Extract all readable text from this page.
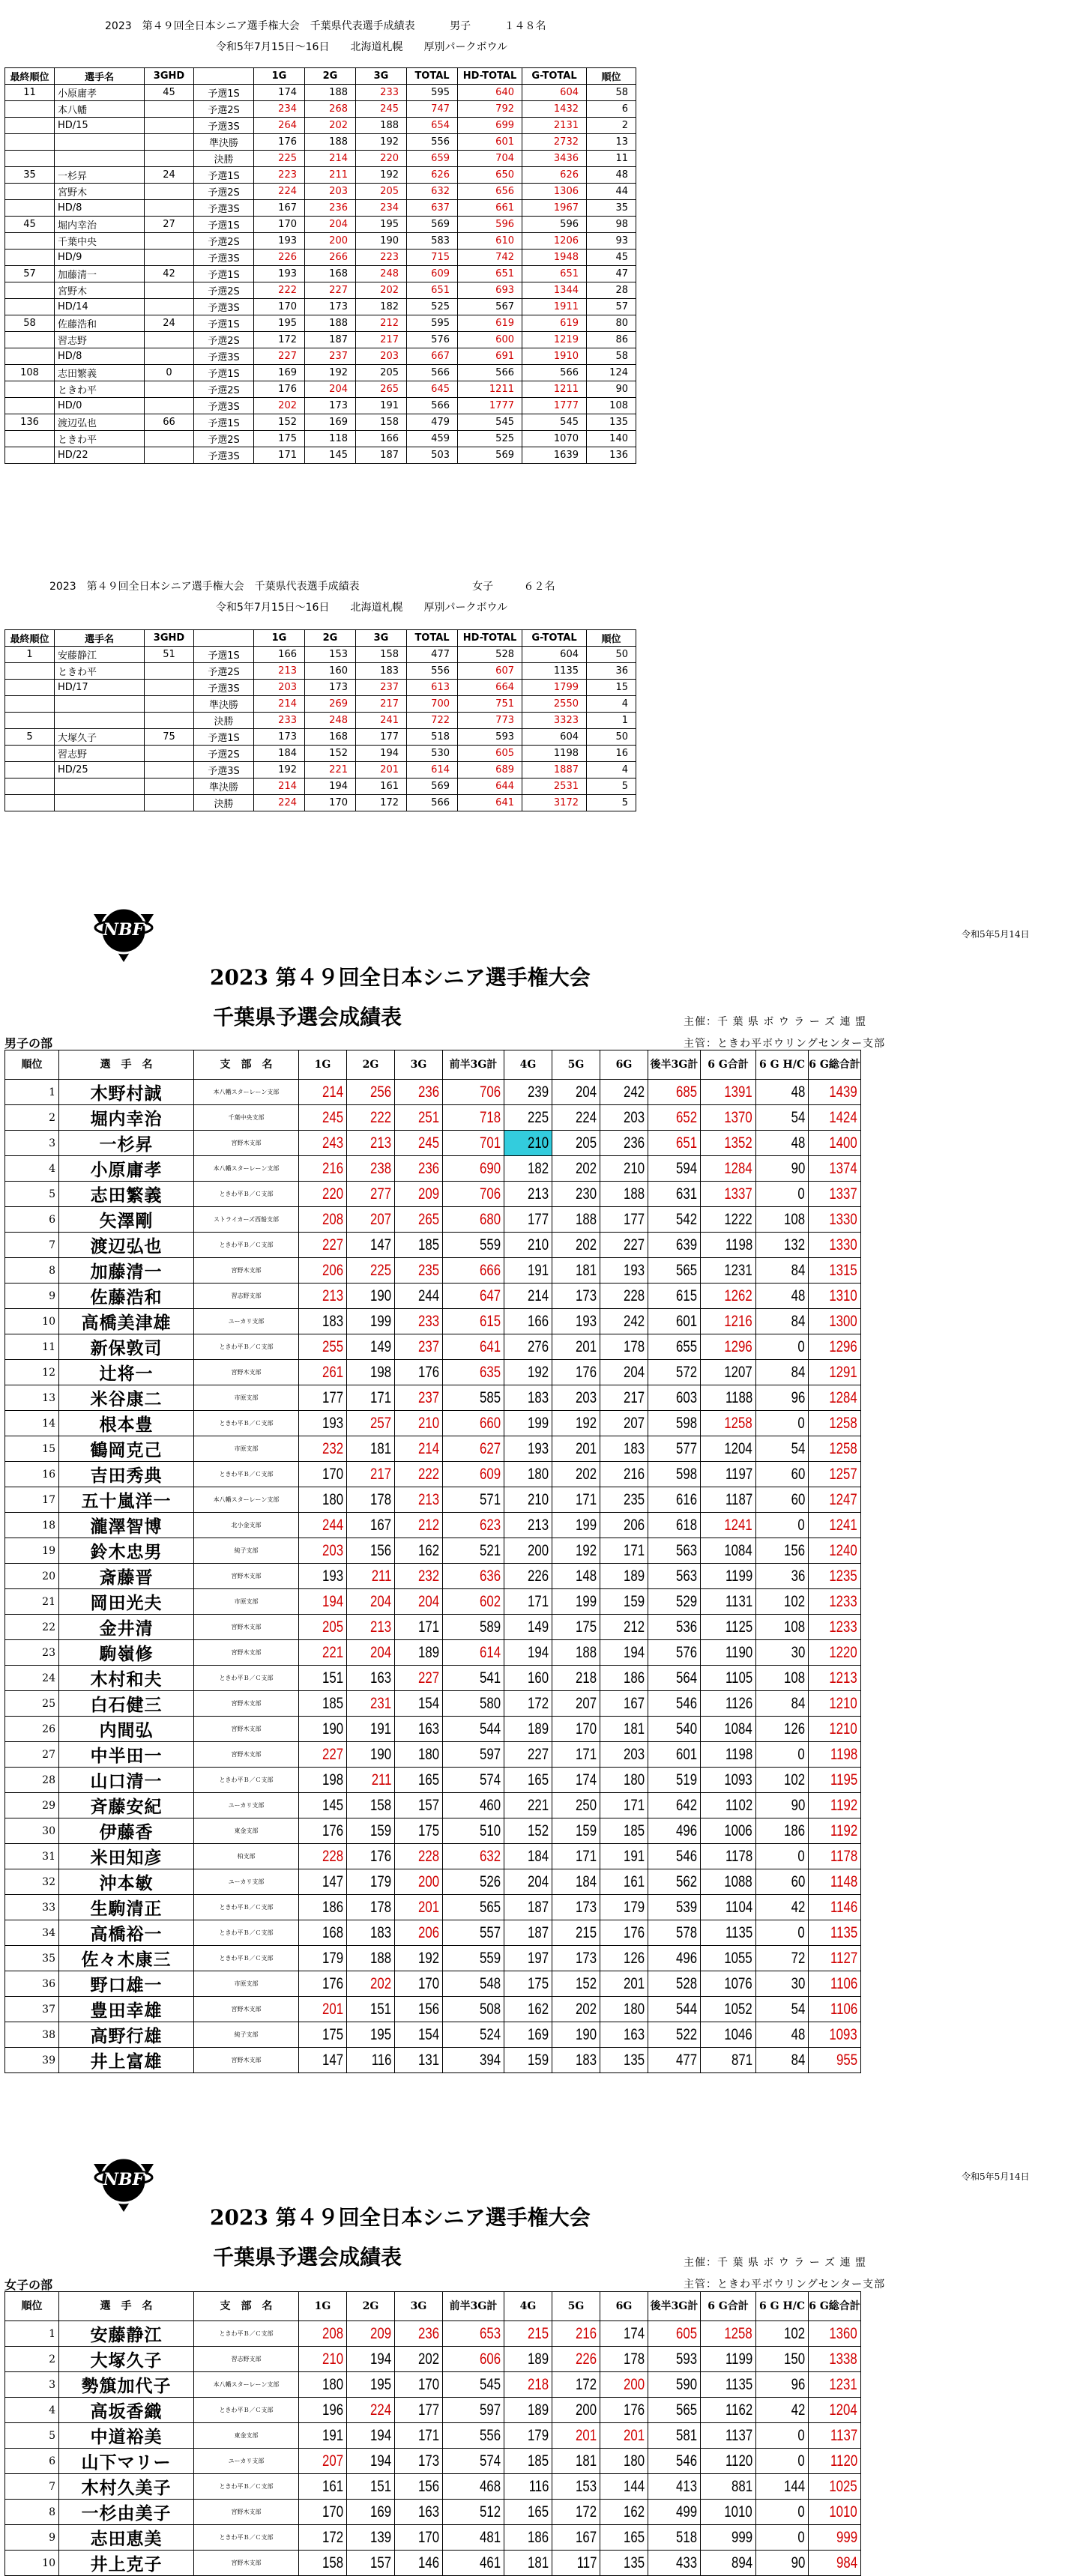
2023　第４９回全日本シニア選手権大会　千葉県代表選手成績表	男子	１４８名
令和5年7月15日～16日　　北海道札幌　　厚別パークボウル
最終順位	選手名	3GHD		1G	2G	3G	TOTAL	HD-TOTAL	G-TOTAL	順位
11	小原庸孝	45	予選1S	174	188	233	595	640	604	58
	本八幡		予選2S	234	268	245	747	792	1432	6
	HD/15		予選3S	264	202	188	654	699	2131	2
			準決勝	176	188	192	556	601	2732	13
			決勝	225	214	220	659	704	3436	11
35	一杉昇	24	予選1S	223	211	192	626	650	626	48
	宮野木		予選2S	224	203	205	632	656	1306	44
	HD/8		予選3S	167	236	234	637	661	1967	35
45	堀内幸治	27	予選1S	170	204	195	569	596	596	98
	千葉中央		予選2S	193	200	190	583	610	1206	93
	HD/9		予選3S	226	266	223	715	742	1948	45
57	加藤清一	42	予選1S	193	168	248	609	651	651	47
	宮野木		予選2S	222	227	202	651	693	1344	28
	HD/14		予選3S	170	173	182	525	567	1911	57
58	佐藤浩和	24	予選1S	195	188	212	595	619	619	80
	習志野		予選2S	172	187	217	576	600	1219	86
	HD/8		予選3S	227	237	203	667	691	1910	58
108	志田繁義	0	予選1S	169	192	205	566	566	566	124
	ときわ平		予選2S	176	204	265	645	1211	1211	90
	HD/0		予選3S	202	173	191	566	1777	1777	108
136	渡辺弘也	66	予選1S	152	169	158	479	545	545	135
	ときわ平		予選2S	175	118	166	459	525	1070	140
	HD/22		予選3S	171	145	187	503	569	1639	136
2023　第４９回全日本シニア選手権大会　千葉県代表選手成績表	女子	６２名
令和5年7月15日～16日　　北海道札幌　　厚別パークボウル
最終順位	選手名	3GHD		1G	2G	3G	TOTAL	HD-TOTAL	G-TOTAL	順位
1	安藤静江	51	予選1S	166	153	158	477	528	604	50
	ときわ平		予選2S	213	160	183	556	607	1135	36
	HD/17		予選3S	203	173	237	613	664	1799	15
			準決勝	214	269	217	700	751	2550	4
			決勝	233	248	241	722	773	3323	1
5	大塚久子	75	予選1S	173	168	177	518	593	604	50
	習志野		予選2S	184	152	194	530	605	1198	16
	HD/25		予選3S	192	221	201	614	689	1887	4
			準決勝	214	194	161	569	644	2531	5
			決勝	224	170	172	566	641	3172	5
NBF	令和5年5月14日
2023 第４９回全日本シニア選手権大会
千葉県予選会成績表	主催：千 葉 県 ボ ウ ラ ー ズ 連 盟
主管：ときわ平ボウリングセンター支部
男子の部
順位	選　手　名	支　部　名	1G	2G	3G	前半3G計	4G	5G	6G	後半3G計	6 G合計	6 G H/C	6 G総合計
1	木野村誠	本八幡スターレーン支部	214	256	236	706	239	204	242	685	1391	48	1439
2	堀内幸治	千葉中央支部	245	222	251	718	225	224	203	652	1370	54	1424
3	一杉昇	宮野木支部	243	213	245	701	210	205	236	651	1352	48	1400
4	小原庸孝	本八幡スターレーン支部	216	238	236	690	182	202	210	594	1284	90	1374
5	志田繁義	ときわ平Ｂ／Ｃ支部	220	277	209	706	213	230	188	631	1337	0	1337
6	矢澤剛	ストライカーズ西船支部	208	207	265	680	177	188	177	542	1222	108	1330
7	渡辺弘也	ときわ平Ｂ／Ｃ支部	227	147	185	559	210	202	227	639	1198	132	1330
8	加藤清一	宮野木支部	206	225	235	666	191	181	193	565	1231	84	1315
9	佐藤浩和	習志野支部	213	190	244	647	214	173	228	615	1262	48	1310
10	高橋美津雄	ユーカリ支部	183	199	233	615	166	193	242	601	1216	84	1300
11	新保敦司	ときわ平Ｂ／Ｃ支部	255	149	237	641	276	201	178	655	1296	0	1296
12	辻将一	宮野木支部	261	198	176	635	192	176	204	572	1207	84	1291
13	米谷康二	市原支部	177	171	237	585	183	203	217	603	1188	96	1284
14	根本豊	ときわ平Ｂ／Ｃ支部	193	257	210	660	199	192	207	598	1258	0	1258
15	鶴岡克己	市原支部	232	181	214	627	193	201	183	577	1204	54	1258
16	吉田秀典	ときわ平Ｂ／Ｃ支部	170	217	222	609	180	202	216	598	1197	60	1257
17	五十嵐洋一	本八幡スターレーン支部	180	178	213	571	210	171	235	616	1187	60	1247
18	瀧澤智博	北小金支部	244	167	212	623	213	199	206	618	1241	0	1241
19	鈴木忠男	純子支部	203	156	162	521	200	192	171	563	1084	156	1240
20	斎藤晋	宮野木支部	193	211	232	636	226	148	189	563	1199	36	1235
21	岡田光夫	市原支部	194	204	204	602	171	199	159	529	1131	102	1233
22	金井清	宮野木支部	205	213	171	589	149	175	212	536	1125	108	1233
23	駒嶺修	宮野木支部	221	204	189	614	194	188	194	576	1190	30	1220
24	木村和夫	ときわ平Ｂ／Ｃ支部	151	163	227	541	160	218	186	564	1105	108	1213
25	白石健三	宮野木支部	185	231	154	580	172	207	167	546	1126	84	1210
26	内間弘	宮野木支部	190	191	163	544	189	170	181	540	1084	126	1210
27	中半田一	宮野木支部	227	190	180	597	227	171	203	601	1198	0	1198
28	山口清一	ときわ平Ｂ／Ｃ支部	198	211	165	574	165	174	180	519	1093	102	1195
29	斉藤安紀	ユーカリ支部	145	158	157	460	221	250	171	642	1102	90	1192
30	伊藤香	東金支部	176	159	175	510	152	159	185	496	1006	186	1192
31	米田知彦	柏支部	228	176	228	632	184	171	191	546	1178	0	1178
32	沖本敏	ユーカリ支部	147	179	200	526	204	184	161	562	1088	60	1148
33	生駒清正	ときわ平Ｂ／Ｃ支部	186	178	201	565	187	173	179	539	1104	42	1146
34	高橋裕一	ときわ平Ｂ／Ｃ支部	168	183	206	557	187	215	176	578	1135	0	1135
35	佐々木康三	ときわ平Ｂ／Ｃ支部	179	188	192	559	197	173	126	496	1055	72	1127
36	野口雄一	市原支部	176	202	170	548	175	152	201	528	1076	30	1106
37	豊田幸雄	宮野木支部	201	151	156	508	162	202	180	544	1052	54	1106
38	高野行雄	純子支部	175	195	154	524	169	190	163	522	1046	48	1093
39	井上富雄	宮野木支部	147	116	131	394	159	183	135	477	871	84	955
NBF	令和5年5月14日
2023 第４９回全日本シニア選手権大会
千葉県予選会成績表	主催：千 葉 県 ボ ウ ラ ー ズ 連 盟
主管：ときわ平ボウリングセンター支部
女子の部
順位	選　手　名	支　部　名	1G	2G	3G	前半3G計	4G	5G	6G	後半3G計	6 G合計	6 G H/C	6 G総合計
1	安藤静江	ときわ平Ｂ／Ｃ支部	208	209	236	653	215	216	174	605	1258	102	1360
2	大塚久子	習志野支部	210	194	202	606	189	226	178	593	1199	150	1338
3	勢簱加代子	本八幡スターレーン支部	180	195	170	545	218	172	200	590	1135	96	1231
4	高坂香織	ときわ平Ｂ／Ｃ支部	196	224	177	597	189	200	176	565	1162	42	1204
5	中道裕美	東金支部	191	194	171	556	179	201	201	581	1137	0	1137
6	山下マリー	ユーカリ支部	207	194	173	574	185	181	180	546	1120	0	1120
7	木村久美子	ときわ平Ｂ／Ｃ支部	161	151	156	468	116	153	144	413	881	144	1025
8	一杉由美子	宮野木支部	170	169	163	512	165	172	162	499	1010	0	1010
9	志田恵美	ときわ平Ｂ／Ｃ支部	172	139	170	481	186	167	165	518	999	0	999
10	井上克子	宮野木支部	158	157	146	461	181	117	135	433	894	90	984
